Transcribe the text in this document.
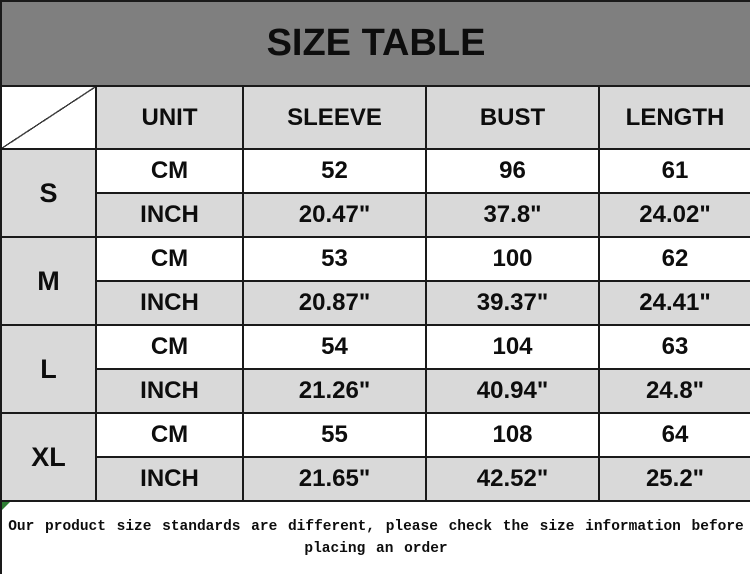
SIZE TABLE				
	UNIT	SLEEVE	BUST	LENGTH
S	CM	52	96	61
	INCH	20.47"	37.8"	24.02"
M	CM	53	100	62
	INCH	20.87"	39.37"	24.41"
L	CM	54	104	63
	INCH	21.26"	40.94"	24.8"
XL	CM	55	108	64
	INCH	21.65"	42.52"	25.2"

Our product size standards are different, please check the size information before placing an order				
